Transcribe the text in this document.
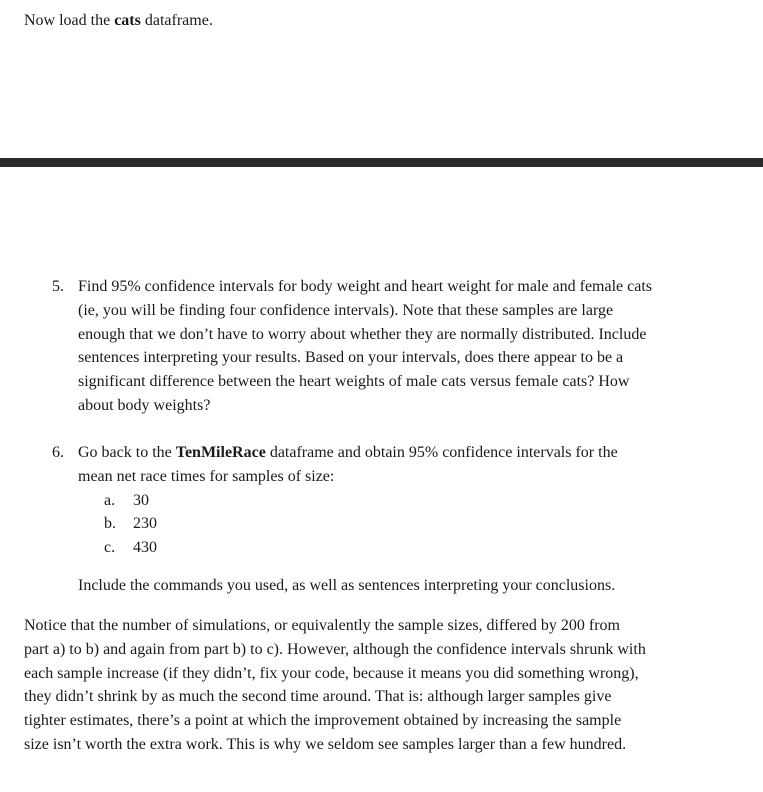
Now load the cats dataframe.
5. Find 95% confidence intervals for body weight and heart weight for male and female cats
(ie, you will be finding four confidence intervals). Note that these samples are large
enough that we don’t have to worry about whether they are normally distributed. Include
sentences interpreting your results. Based on your intervals, does there appear to be a
significant difference between the heart weights of male cats versus female cats? How
about body weights?
6. Go back to the TenMileRace dataframe and obtain 95% confidence intervals for the
mean net race times for samples of size:
a. 30
b. 230
c. 430
Include the commands you used, as well as sentences interpreting your conclusions.
Notice that the number of simulations, or equivalently the sample sizes, differed by 200 from
part a) to b) and again from part b) to c). However, although the confidence intervals shrunk with
each sample increase (if they didn’t, fix your code, because it means you did something wrong),
they didn’t shrink by as much the second time around. That is: although larger samples give
tighter estimates, there’s a point at which the improvement obtained by increasing the sample
size isn’t worth the extra work. This is why we seldom see samples larger than a few hundred.
